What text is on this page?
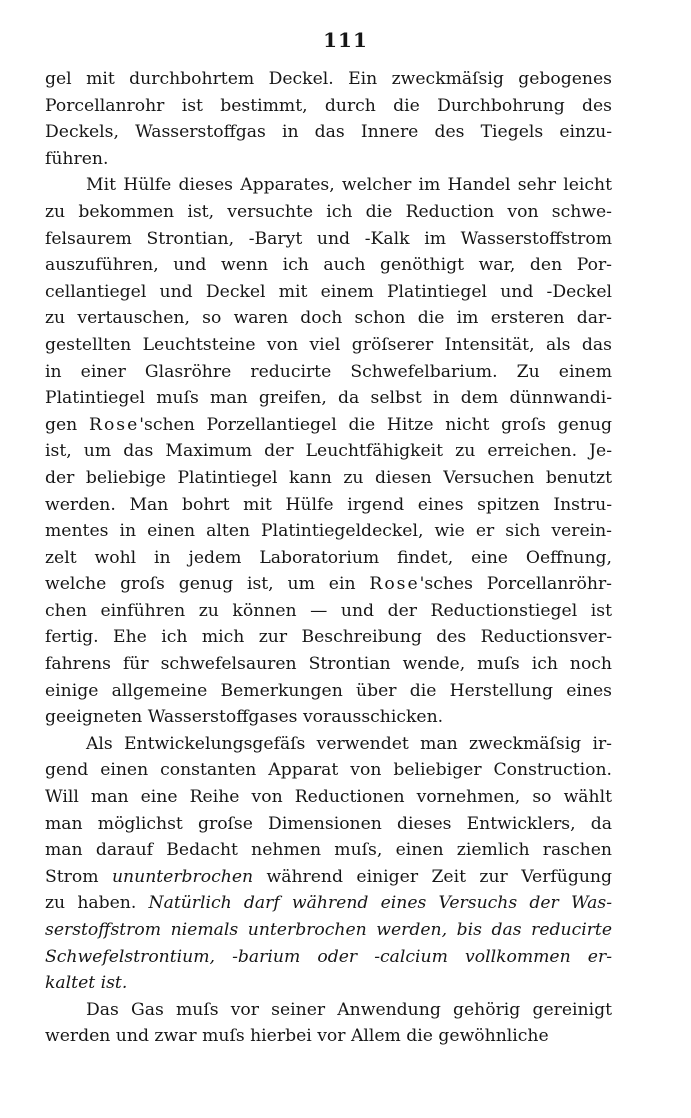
111
gel mit durchbohrtem Deckel. Ein zweckmäſsig gebogenes
Porcellanrohr ist bestimmt, durch die Durchbohrung des
Deckels, Wasserstoffgas in das Innere des Tiegels einzu-
führen.
Mit Hülfe dieses Apparates, welcher im Handel sehr leicht
zu bekommen ist, versuchte ich die Reduction von schwe-
felsaurem Strontian, -Baryt und -Kalk im Wasserstoffstrom
auszuführen, und wenn ich auch genöthigt war, den Por-
cellantiegel und Deckel mit einem Platintiegel und -Deckel
zu vertauschen, so waren doch schon die im ersteren dar-
gestellten Leuchtsteine von viel gröſserer Intensität, als das
in einer Glasröhre reducirte Schwefelbarium. Zu einem
Platintiegel muſs man greifen, da selbst in dem dünnwandi-
gen Rose'schen Porzellantiegel die Hitze nicht groſs genug
ist, um das Maximum der Leuchtfähigkeit zu erreichen. Je-
der beliebige Platintiegel kann zu diesen Versuchen benutzt
werden. Man bohrt mit Hülfe irgend eines spitzen Instru-
mentes in einen alten Platintiegeldeckel, wie er sich verein-
zelt wohl in jedem Laboratorium findet, eine Oeffnung,
welche groſs genug ist, um ein Rose'sches Porcellanröhr-
chen einführen zu können — und der Reductionstiegel ist
fertig. Ehe ich mich zur Beschreibung des Reductionsver-
fahrens für schwefelsauren Strontian wende, muſs ich noch
einige allgemeine Bemerkungen über die Herstellung eines
geeigneten Wasserstoffgases vorausschicken.
Als Entwickelungsgefäſs verwendet man zweckmäſsig ir-
gend einen constanten Apparat von beliebiger Construction.
Will man eine Reihe von Reductionen vornehmen, so wählt
man möglichst groſse Dimensionen dieses Entwicklers, da
man darauf Bedacht nehmen muſs, einen ziemlich raschen
Strom ununterbrochen während einiger Zeit zur Verfügung
zu haben. Natürlich darf während eines Versuchs der Was-
serstoffstrom niemals unterbrochen werden, bis das reducirte
Schwefelstrontium, -barium oder -calcium vollkommen er-
kaltet ist.
Das Gas muſs vor seiner Anwendung gehörig gereinigt
werden und zwar muſs hierbei vor Allem die gewöhnliche
